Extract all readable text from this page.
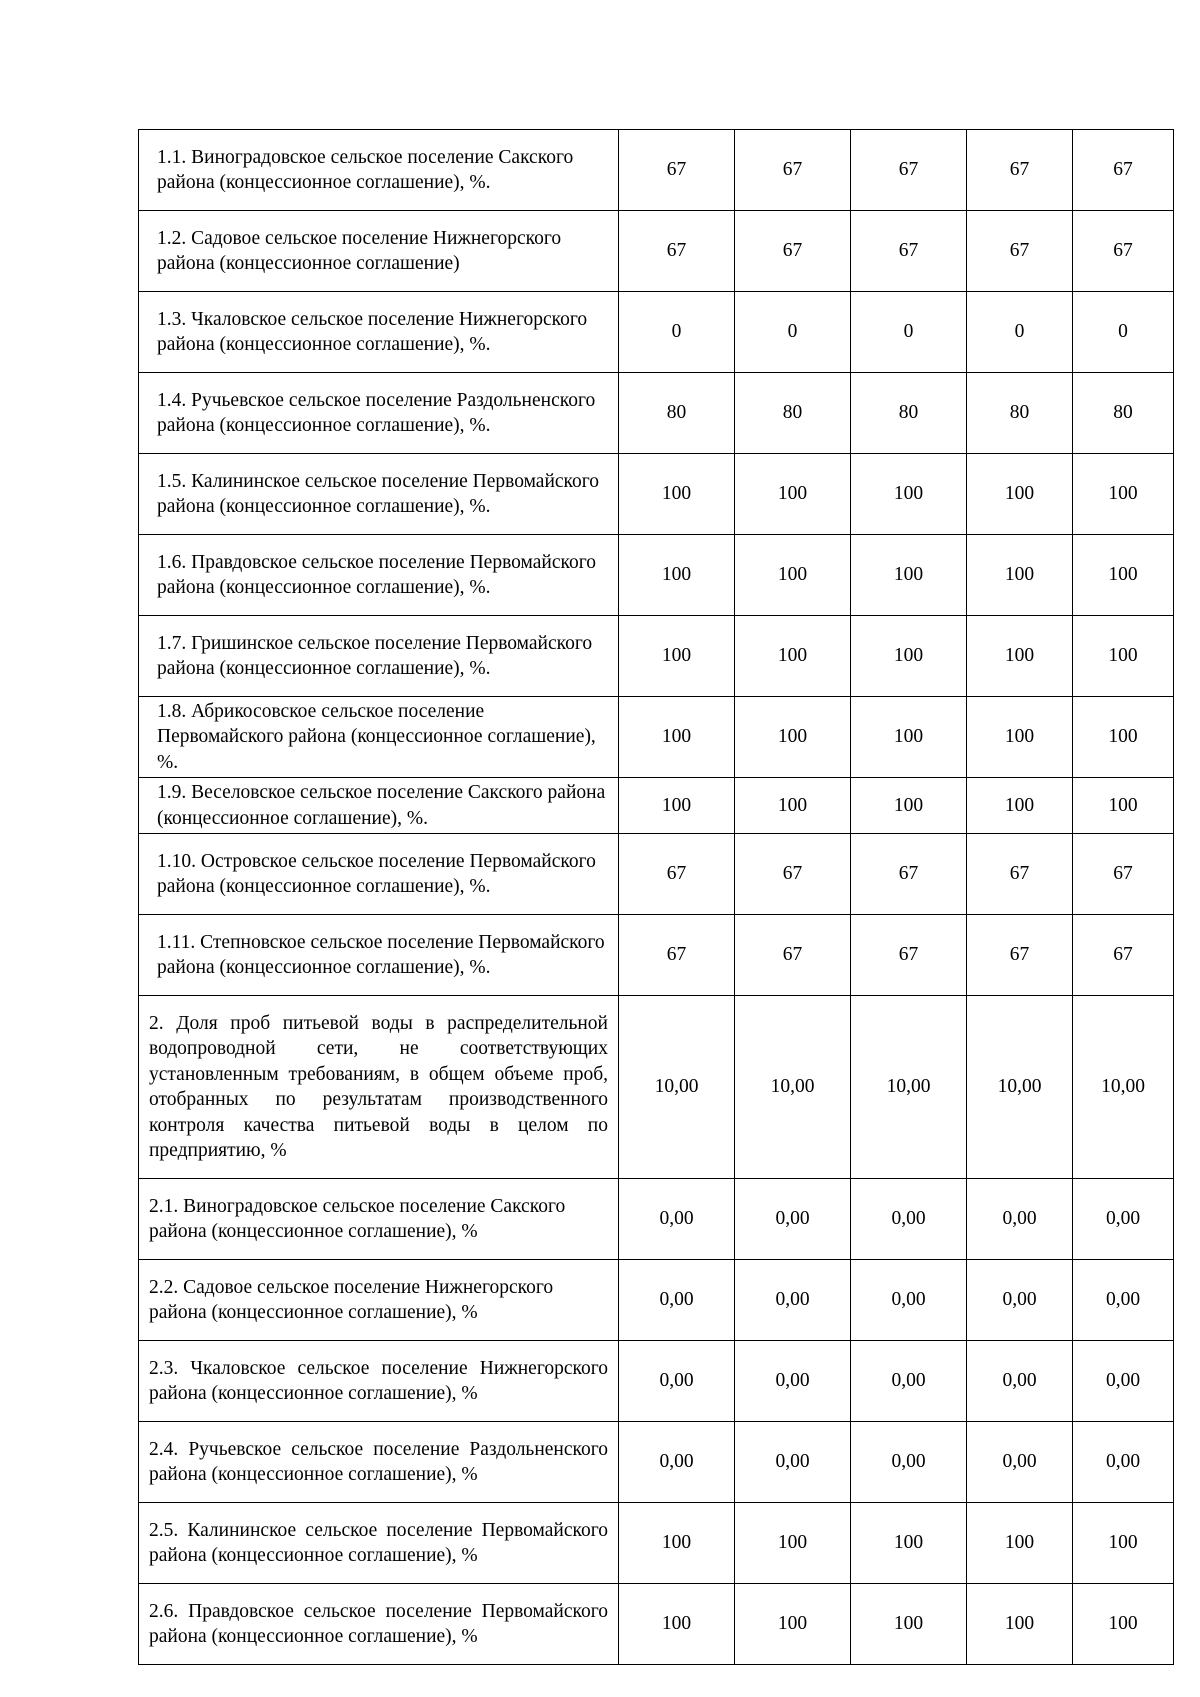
1.1. Виноградовское сельское поселение Сакского района (концессионное соглашение), %.	67	67	67	67	67
1.2. Садовое сельское поселение Нижнегорского района (концессионное соглашение)	67	67	67	67	67
1.3. Чкаловское сельское поселение Нижнегорского района (концессионное соглашение), %.	0	0	0	0	0
1.4. Ручьевское сельское поселение Раздольненского района (концессионное соглашение), %.	80	80	80	80	80
1.5. Калининское сельское поселение Первомайского района (концессионное соглашение), %.	100	100	100	100	100
1.6. Правдовское сельское поселение Первомайского района (концессионное соглашение), %.	100	100	100	100	100
1.7. Гришинское сельское поселение Первомайского района (концессионное соглашение), %.	100	100	100	100	100
1.8. Абрикосовское сельское поселение Первомайского района (концессионное соглашение), %.	100	100	100	100	100
1.9. Веселовское сельское поселение Сакского района (концессионное соглашение), %.	100	100	100	100	100
1.10. Островское сельское поселение Первомайского района (концессионное соглашение), %.	67	67	67	67	67
1.11. Степновское сельское поселение Первомайского района (концессионное соглашение), %.	67	67	67	67	67
2. Доля проб питьевой воды в распределительной водопроводной сети, не соответствующих установленным требованиям, в общем объеме проб, отобранных по результатам производственного контроля качества питьевой воды в целом по предприятию, %	10,00	10,00	10,00	10,00	10,00
2.1. Виноградовское сельское поселение Сакского района (концессионное соглашение), %	0,00	0,00	0,00	0,00	0,00
2.2. Садовое сельское поселение Нижнегорского района (концессионное соглашение), %	0,00	0,00	0,00	0,00	0,00
2.3. Чкаловское сельское поселение Нижнегорского района (концессионное соглашение), %	0,00	0,00	0,00	0,00	0,00
2.4. Ручьевское сельское поселение Раздольненского района (концессионное соглашение), %	0,00	0,00	0,00	0,00	0,00
2.5. Калининское сельское поселение Первомайского района (концессионное соглашение), %	100	100	100	100	100
2.6. Правдовское сельское поселение Первомайского района (концессионное соглашение), %	100	100	100	100	100
